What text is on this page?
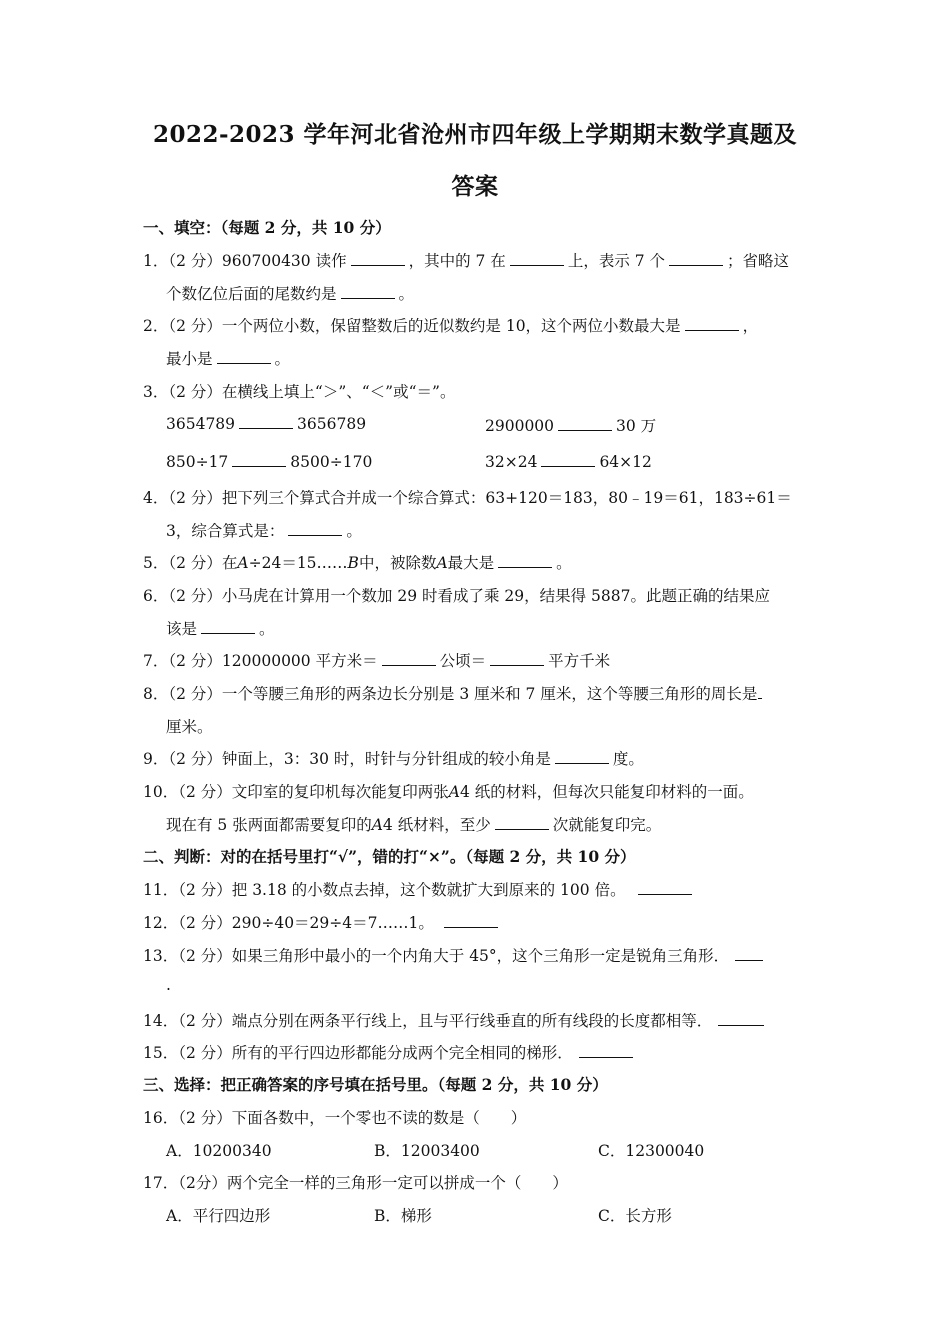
2022-2023 学年河北省沧州市四年级上学期期末数学真题及
答案
一、填空：（每题 2 分，共 10 分）
1．（2 分）960700430 读作	，其中的 7 在	上，表示 7 个	；省略这
个数亿位后面的尾数约是	。
2．（2 分）一个两位小数，保留整数后的近似数约是 10，这个两位小数最大是	，
最小是	。
3．（2 分）在横线上填上“＞”、“＜”或“＝”。
3654789	3656789	2900000	30 万
850÷17	8500÷170	32×24	64×12
4．（2 分）把下列三个算式合并成一个综合算式：63+120＝183，80﹣19＝61，183÷61＝
3，综合算式是：	。
5．（2 分）在A÷24＝15……B中，被除数A最大是	。
6．（2 分）小马虎在计算用一个数加 29 时看成了乘 29，结果得 5887。此题正确的结果应
该是	。
7．（2 分）120000000 平方米＝	公顷＝	平方千米
8．（2 分）一个等腰三角形的两条边长分别是 3 厘米和 7 厘米，这个等腰三角形的周长是
厘米。
9．（2 分）钟面上，3：30 时，时针与分针组成的较小角是	度。
10．（2 分）文印室的复印机每次能复印两张A4 纸的材料，但每次只能复印材料的一面。
现在有 5 张两面都需要复印的A4 纸材料，至少	次就能复印完。
二、判断：对的在括号里打“√”，错的打“×”。（每题 2 分，共 10 分）
11．（2 分）把 3.18 的小数点去掉，这个数就扩大到原来的 100 倍。
12．（2 分）290÷40＝29÷4＝7……1。
13．（2 分）如果三角形中最小的一个内角大于 45°，这个三角形一定是锐角三角形．
.
14．（2 分）端点分别在两条平行线上，且与平行线垂直的所有线段的长度都相等．
15．（2 分）所有的平行四边形都能分成两个完全相同的梯形．
三、选择：把正确答案的序号填在括号里。（每题 2 分，共 10 分）
16．（2 分）下面各数中，一个零也不读的数是（　　）
A．10200340	B．12003400	C．12300040
17．（2分）两个完全一样的三角形一定可以拼成一个（　　）
A．平行四边形	B．梯形	C．长方形
